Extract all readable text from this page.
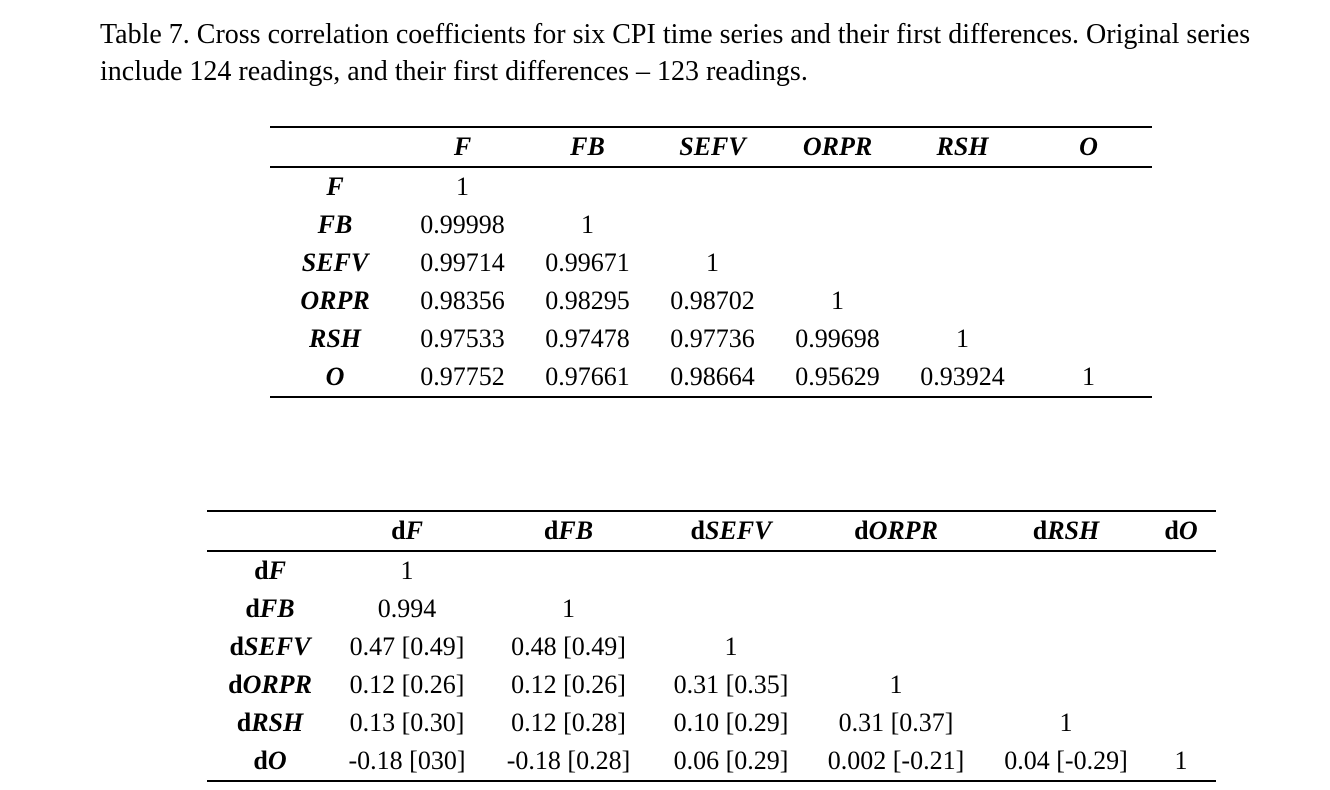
Table 7. Cross correlation coefficients for six CPI time series and their first differences. Original series include 124 readings, and their first differences – 123 readings.

	F	FB	SEFV	ORPR	RSH	O
F	1					
FB	0.99998	1				
SEFV	0.99714	0.99671	1			
ORPR	0.98356	0.98295	0.98702	1		
RSH	0.97533	0.97478	0.97736	0.99698	1	
O	0.97752	0.97661	0.98664	0.95629	0.93924	1
	dF	dFB	dSEFV	dORPR	dRSH	dO
dF	1					
dFB	0.994	1				
dSEFV	0.47 [0.49]	0.48 [0.49]	1			
dORPR	0.12 [0.26]	0.12 [0.26]	0.31 [0.35]	1		
dRSH	0.13 [0.30]	0.12 [0.28]	0.10 [0.29]	0.31 [0.37]	1	
dO	-0.18 [030]	-0.18 [0.28]	0.06 [0.29]	0.002 [-0.21]	0.04 [-0.29]	1
